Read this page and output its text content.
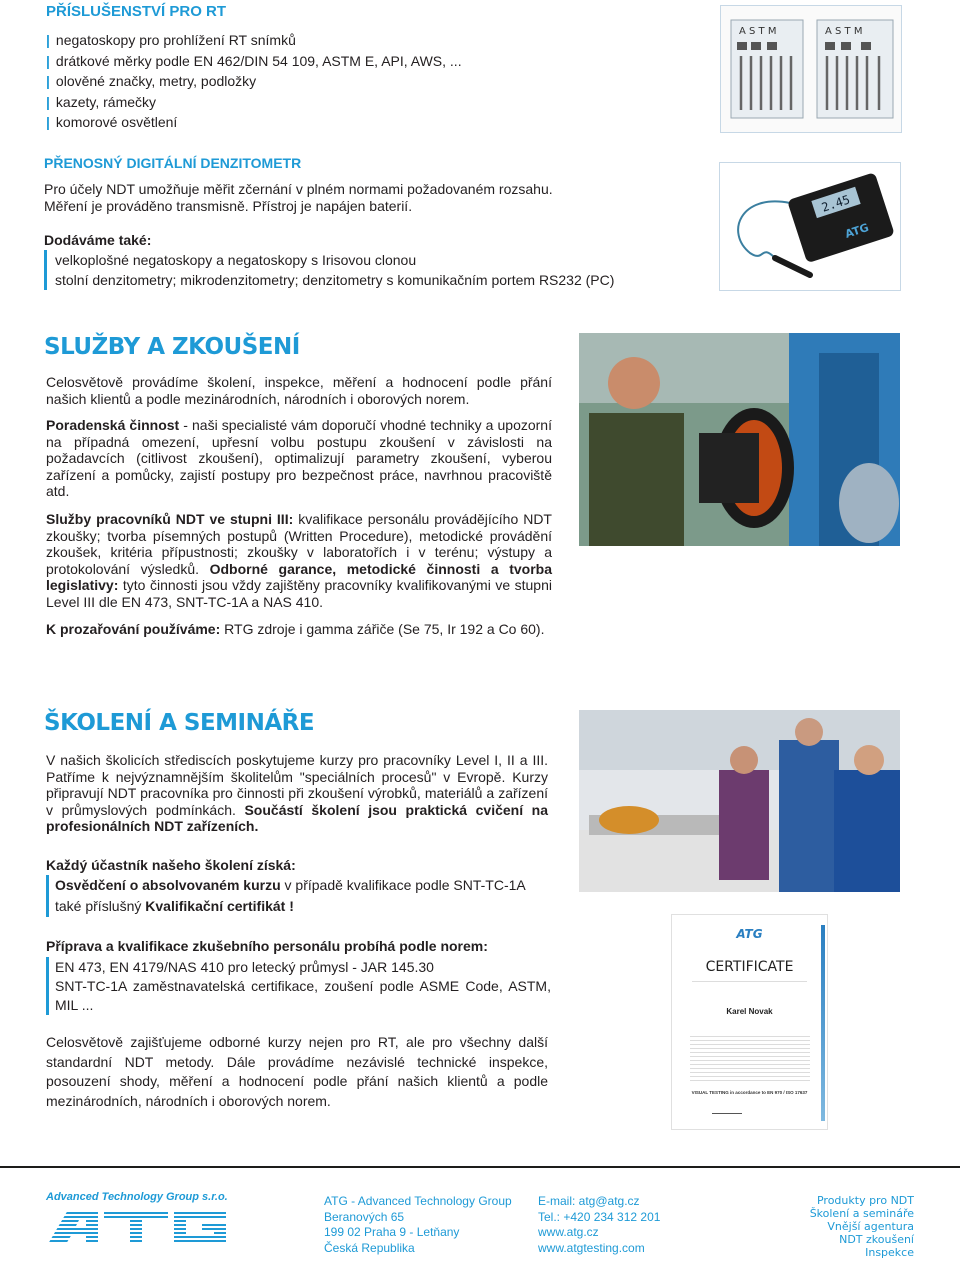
PŘÍSLUŠENSTVÍ PRO RT
| negatoskopy pro prohlížení RT snímků
| drátkové měrky podle EN 462/DIN 54 109, ASTM E, API, AWS, ...
| olověné značky, metry, podložky
| kazety, rámečky
| komorové osvětlení
A S T M	A S T M
PŘENOSNÝ DIGITÁLNÍ DENZITOMETR
Pro účely NDT umožňuje měřit zčernání v plném normami požadovaném rozsahu.
Měření je prováděno transmisně. Přístroj je napájen baterií.
Dodáváme také:
velkoplošné negatoskopy a negatoskopy s Irisovou clonou
stolní denzitometry; mikrodenzitometry; denzitometry s komunikačním portem RS232 (PC)
2.45
ATG
SLUŽBY A ZKOUŠENÍ
Celosvětově provádíme školení, inspekce, měření a hodnocení podle přání našich klientů a podle mezinárodních, národních i oborových norem.
Poradenská činnost - naši specialisté vám doporučí vhodné techniky a upozorní na případná omezení, upřesní volbu postupu zkoušení v závislosti na požadavcích (citlivost zkoušení), optimalizují parametry zkoušení, vyberou zařízení a pomůcky, zajistí postupy pro bezpečnost práce, navrhnou pracoviště atd.
Služby pracovníků NDT ve stupni III: kvalifikace personálu provádějícího NDT zkoušky; tvorba písemných postupů (Written Procedure), metodické provádění zkoušek, kritéria přípustnosti; zkoušky v laboratořích i v terénu; výstupy a protokolování výsledků. Odborné garance, metodické činnosti a tvorba legislativy: tyto činnosti jsou vždy zajištěny pracovníky kvalifikovanými ve stupni Level III dle EN 473, SNT-TC-1A a NAS 410.
K prozařování používáme: RTG zdroje i gamma zářiče (Se 75, Ir 192 a Co 60).
ŠKOLENÍ A SEMINÁŘE
V našich školicích střediscích poskytujeme kurzy pro pracovníky Level I, II a III. Patříme k nejvýznamnějším školitelům "speciálních procesů" v Evropě. Kurzy připravují NDT pracovníka pro činnosti při zkoušení výrobků, materiálů a zařízení v průmyslových podmínkách. Součástí školení jsou praktická cvičení na profesionálních NDT zařízeních.
Každý účastník našeho školení získá:
Osvědčení o absolvovaném kurzu v případě kvalifikace podle SNT-TC-1A
také příslušný Kvalifikační certifikát !
Příprava a kvalifikace zkušebního personálu probíhá podle norem:
EN 473, EN 4179/NAS 410 pro letecký průmysl - JAR 145.30
SNT-TC-1A zaměstnavatelská certifikace, zoušení podle ASME Code, ASTM, MIL ...
Celosvětově zajišťujeme odborné kurzy nejen pro RT, ale pro všechny další standardní NDT metody. Dále provádíme nezávislé technické inspekce, posouzení shody, měření a hodnocení podle přání našich klientů a podle mezinárodních, národních i oborových norem.
ATG
CERTIFICATE
Karel Novak
VISUAL TESTING in accordance to EN 970 / ISO 17637
Advanced Technology Group s.r.o.	ATG - Advanced Technology Group
Beranových 65
199 02 Praha 9 - Letňany
Česká Republika
E-mail: atg@atg.cz
Tel.: +420 234 312 201
www.atg.cz
www.atgtesting.com
Produkty pro NDT
Školení a semináře
Vnější agentura
NDT zkoušení
Inspekce
